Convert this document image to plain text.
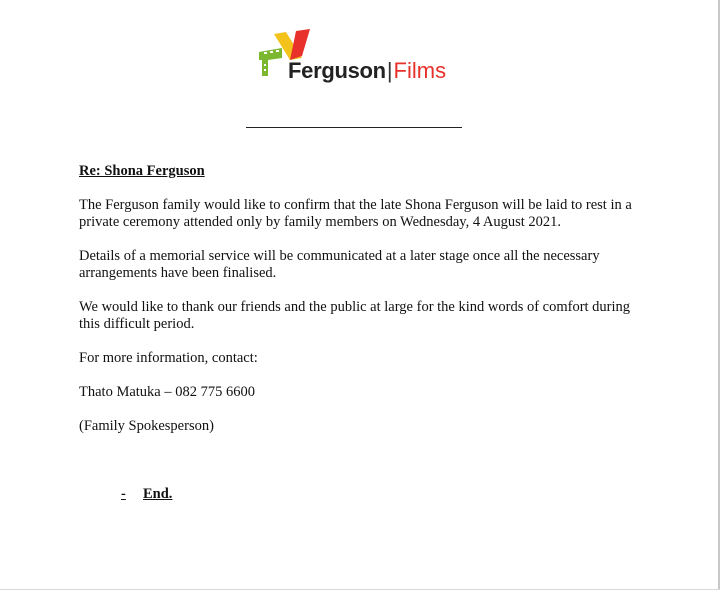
Ferguson|Films
Re: Shona Ferguson

The Ferguson family would like to confirm that the late Shona Ferguson will be laid to rest in a private ceremony attended only by family members on Wednesday, 4 August 2021.

Details of a memorial service will be communicated at a later stage once all the necessary arrangements have been finalised.

We would like to thank our friends and the public at large for the kind words of comfort during this difficult period.

For more information, contact:

Thato Matuka – 082 775 6600

(Family Spokesperson)

- End.
